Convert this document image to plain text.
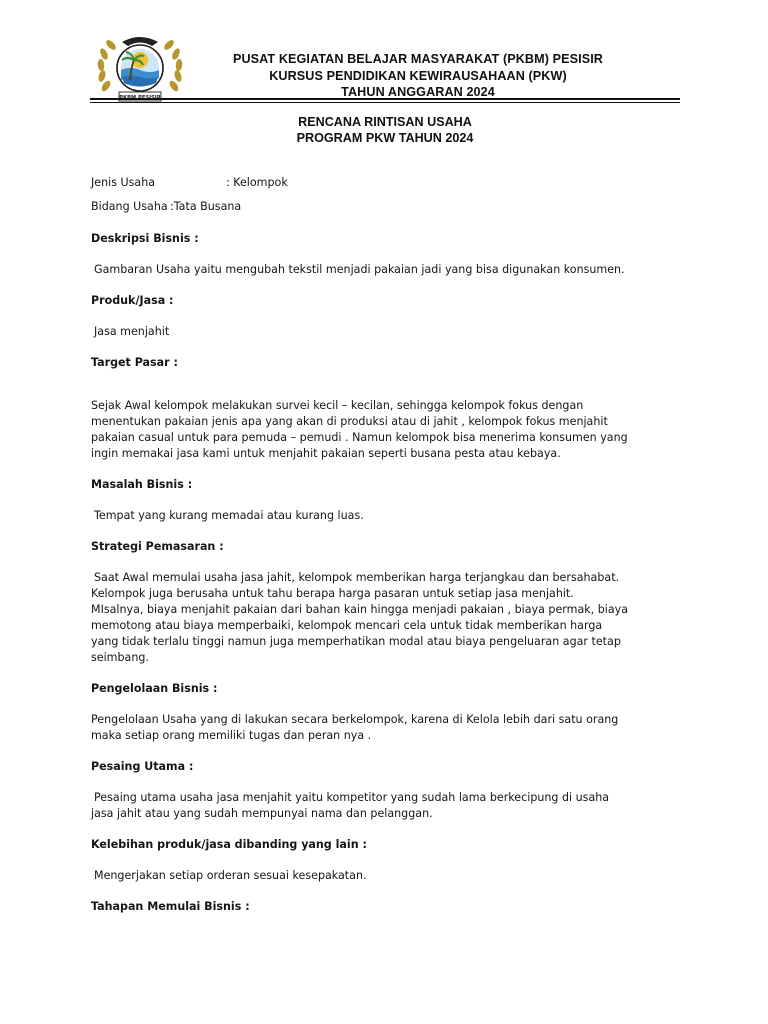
PKBM PESISIR
PUSAT KEGIATAN BELAJAR MASYARAKAT (PKBM) PESISIR
KURSUS PENDIDIKAN KEWIRAUSAHAAN (PKW)
TAHUN ANGGARAN 2024
RENCANA RINTISAN USAHA
PROGRAM PKW TAHUN 2024
Jenis Usaha	: Kelompok
Bidang Usaha :Tata Busana

Deskripsi Bisnis :

Gambaran Usaha yaitu mengubah tekstil menjadi pakaian jadi yang bisa digunakan konsumen.

Produk/Jasa :

Jasa menjahit

Target Pasar :

Sejak Awal kelompok melakukan survei kecil – kecilan, sehingga kelompok fokus dengan

menentukan pakaian jenis apa yang akan di produksi atau di jahit , kelompok fokus menjahit

pakaian casual untuk para pemuda – pemudi . Namun kelompok bisa menerima konsumen yang

ingin memakai jasa kami untuk menjahit pakaian seperti busana pesta atau kebaya.

Masalah Bisnis :

Tempat yang kurang memadai atau kurang luas.

Strategi Pemasaran :

Saat Awal memulai usaha jasa jahit, kelompok memberikan harga terjangkau dan bersahabat.

Kelompok juga berusaha untuk tahu berapa harga pasaran untuk setiap jasa menjahit.

MIsalnya, biaya menjahit pakaian dari bahan kain hingga menjadi pakaian , biaya permak, biaya

memotong atau biaya memperbaiki, kelompok mencari cela untuk tidak memberikan harga

yang tidak terlalu tinggi namun juga memperhatikan modal atau biaya pengeluaran agar tetap

seimbang.

Pengelolaan Bisnis :

Pengelolaan Usaha yang di lakukan secara berkelompok, karena di Kelola lebih dari satu orang

maka setiap orang memiliki tugas dan peran nya .

Pesaing Utama :

Pesaing utama usaha jasa menjahit yaitu kompetitor yang sudah lama berkecipung di usaha

jasa jahit atau yang sudah mempunyai nama dan pelanggan.

Kelebihan produk/jasa dibanding yang lain :

Mengerjakan setiap orderan sesuai kesepakatan.

Tahapan Memulai Bisnis :
